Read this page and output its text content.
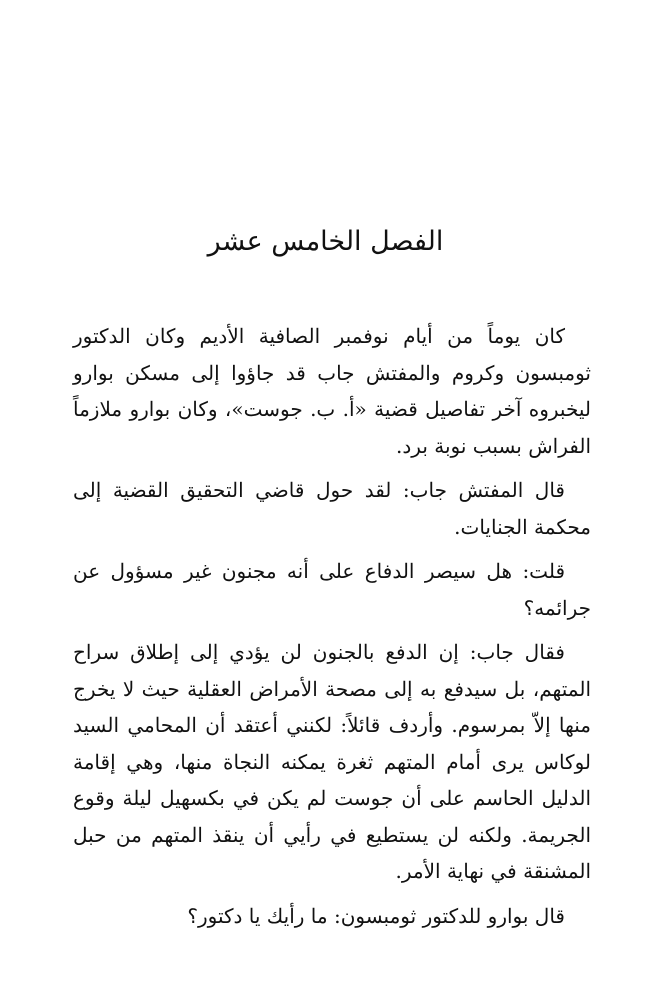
الفصل الخامس عشر

كان يوماً من أيام نوفمبر الصافية الأديم وكان الدكتور ثومبسون وكروم والمفتش جاب قد جاؤوا إلى مسكن بوارو ليخبروه آخر تفاصيل قضية «أ. ب. جوست»، وكان بوارو ملازماً الفراش بسبب نوبة برد.

قال المفتش جاب: لقد حول قاضي التحقيق القضية إلى محكمة الجنايات.

قلت: هل سيصر الدفاع على أنه مجنون غير مسؤول عن جرائمه؟

فقال جاب: إن الدفع بالجنون لن يؤدي إلى إطلاق سراح المتهم، بل سيدفع به إلى مصحة الأمراض العقلية حيث لا يخرج منها إلاّ بمرسوم. وأردف قائلاً: لكنني أعتقد أن المحامي السيد لوكاس يرى أمام المتهم ثغرة يمكنه النجاة منها، وهي إقامة الدليل الحاسم على أن جوست لم يكن في بكسهيل ليلة وقوع الجريمة. ولكنه لن يستطيع في رأيي أن ينقذ المتهم من حبل المشنقة في نهاية الأمر.

قال بوارو للدكتور ثومبسون: ما رأيك يا دكتور؟
